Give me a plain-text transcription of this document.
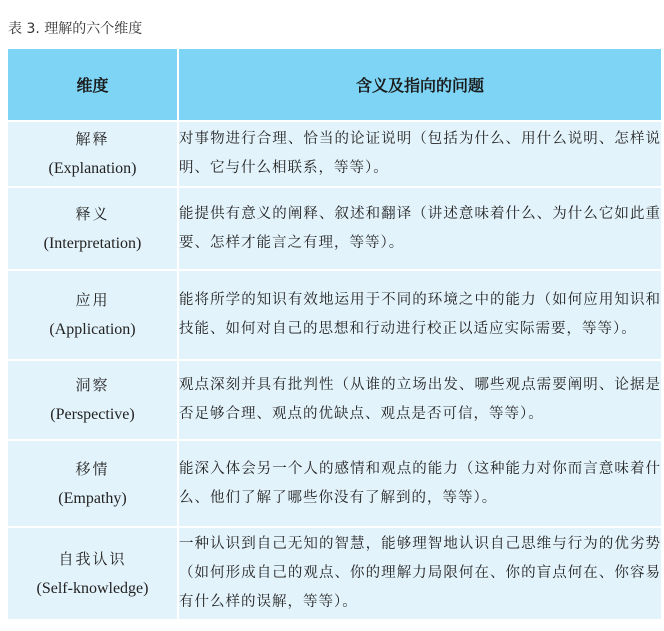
表 3. 理解的六个维度
维度	含义及指向的问题

解释
(Explanation)	对事物进行合理、恰当的论证说明（包括为什么、用什么说明、怎样说明、它与什么相联系，等等）。

释义
(Interpretation)	能提供有意义的阐释、叙述和翻译（讲述意味着什么、为什么它如此重要、怎样才能言之有理，等等）。

应用
(Application)	能将所学的知识有效地运用于不同的环境之中的能力（如何应用知识和技能、如何对自己的思想和行动进行校正以适应实际需要，等等）。

洞察
(Perspective)	观点深刻并具有批判性（从谁的立场出发、哪些观点需要阐明、论据是否足够合理、观点的优缺点、观点是否可信，等等）。

移情
(Empathy)	能深入体会另一个人的感情和观点的能力（这种能力对你而言意味着什么、他们了解了哪些你没有了解到的，等等）。

自我认识
(Self-knowledge)	一种认识到自己无知的智慧，能够理智地认识自己思维与行为的优劣势（如何形成自己的观点、你的理解力局限何在、你的盲点何在、你容易有什么样的误解，等等）。
